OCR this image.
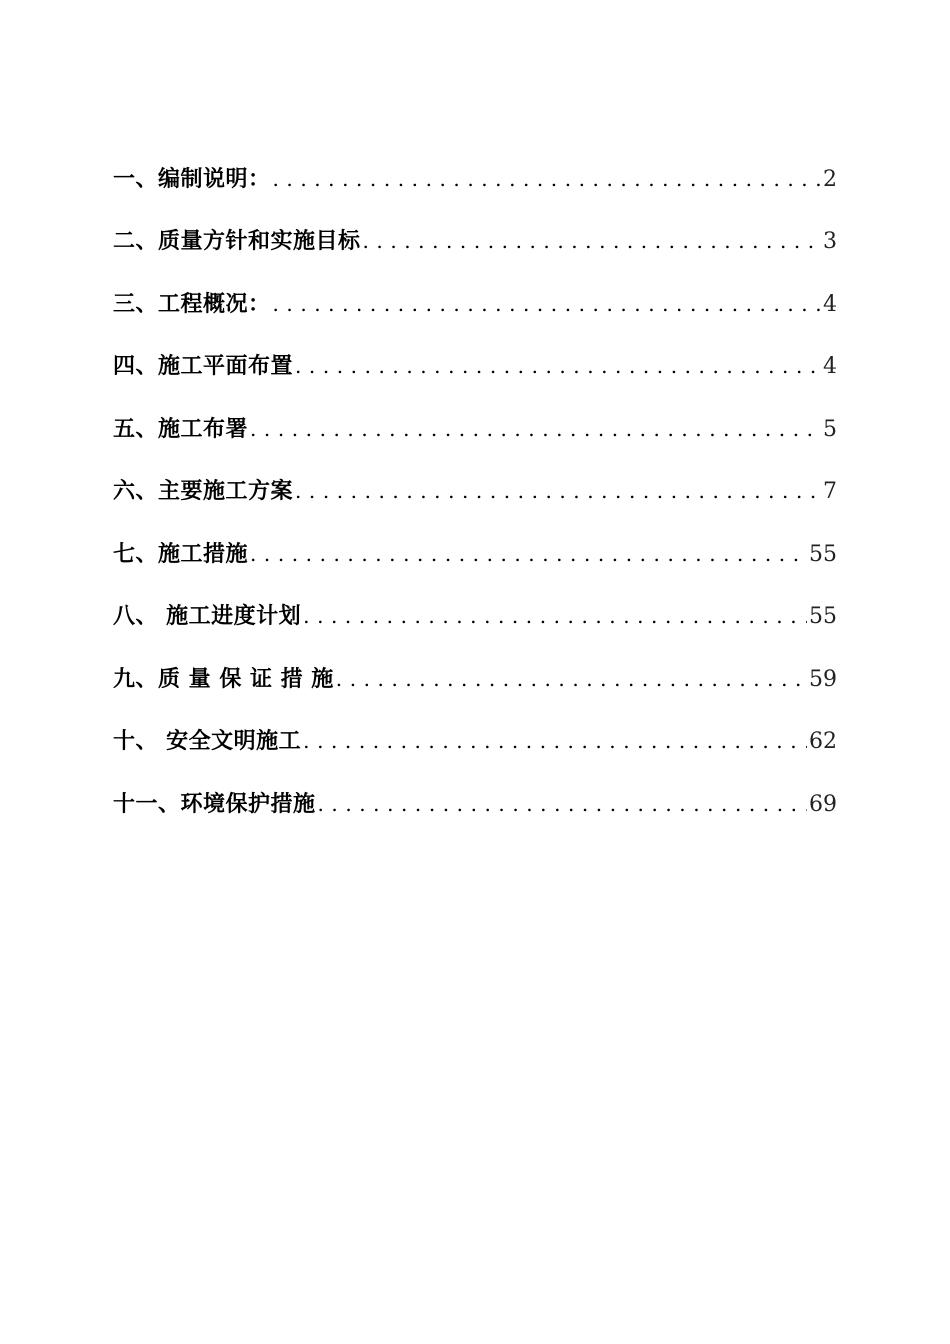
一、编制说明： . . .	2
二、质量方针和实施目标 . . .	3
三、工程概况： . . .	4
四、施工平面布置 . . .	4
五、施工布署 . . .	5
六、主要施工方案 . . .	7
七、施工措施 . . .	55
八、 施工进度计划 . . .	55
九、质 量 保 证 措 施 . . .	59
十、 安全文明施工 . . .	62
十一、环境保护措施 . . .	69
